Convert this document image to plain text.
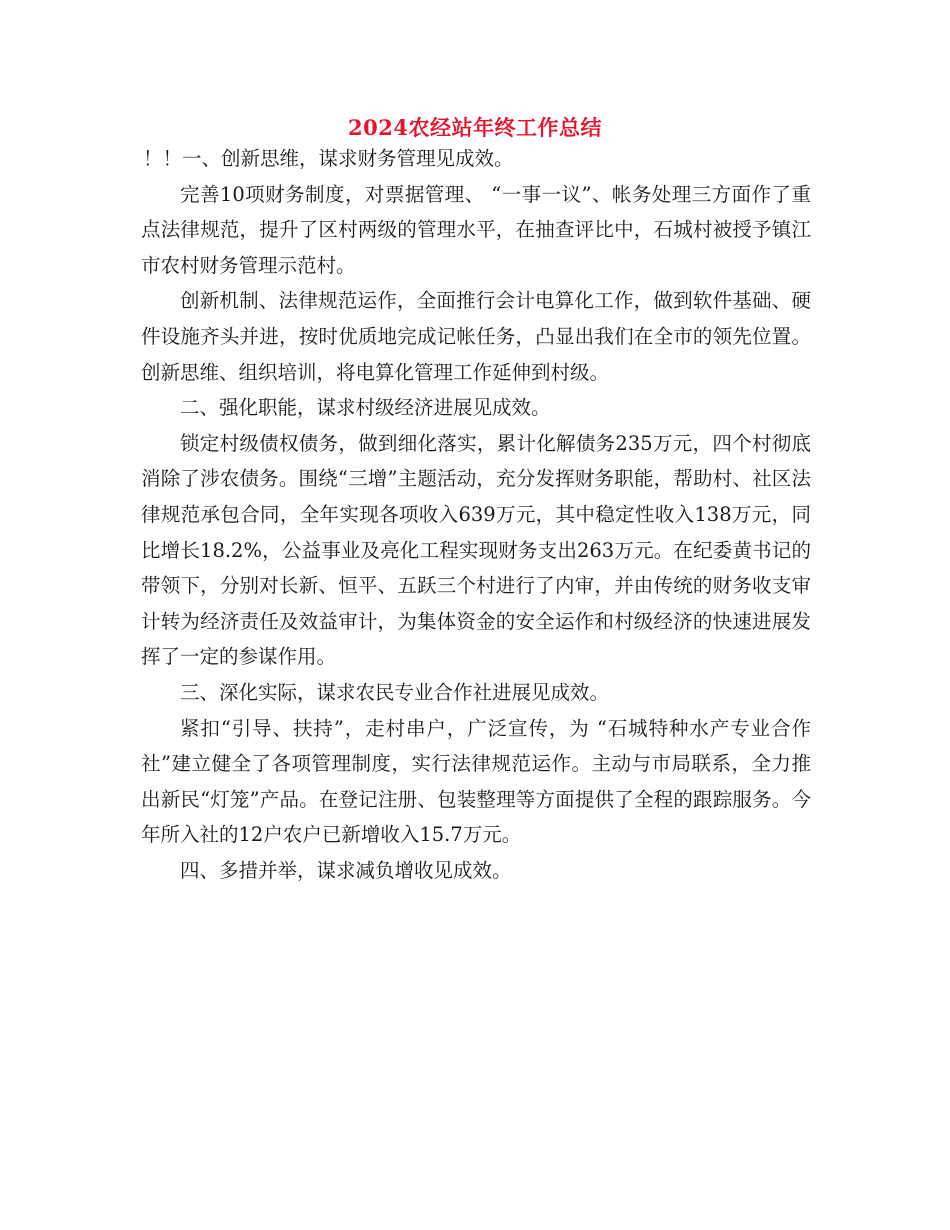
2024农经站年终工作总结

！！一、创新思维，谋求财务管理见成效。

完善10项财务制度，对票据管理、 “一事一议”、帐务处理三方面作了重点法律规范，提升了区村两级的管理水平，在抽查评比中，石城村被授予镇江市农村财务管理示范村。

创新机制、法律规范运作，全面推行会计电算化工作，做到软件基础、硬件设施齐头并进，按时优质地完成记帐任务，凸显出我们在全市的领先位置。创新思维、组织培训，将电算化管理工作延伸到村级。

二、强化职能，谋求村级经济进展见成效。

锁定村级债权债务，做到细化落实，累计化解债务235万元，四个村彻底消除了涉农债务。围绕“三增”主题活动，充分发挥财务职能，帮助村、社区法律规范承包合同，全年实现各项收入639万元，其中稳定性收入138万元，同比增长18.2%，公益事业及亮化工程实现财务支出263万元。在纪委黄书记的带领下，分别对长新、恒平、五跃三个村进行了内审，并由传统的财务收支审计转为经济责任及效益审计，为集体资金的安全运作和村级经济的快速进展发挥了一定的参谋作用。

三、深化实际，谋求农民专业合作社进展见成效。

紧扣“引导、扶持”，走村串户，广泛宣传，为 “石城特种水产专业合作社”建立健全了各项管理制度，实行法律规范运作。主动与市局联系，全力推出新民“灯笼”产品。在登记注册、包装整理等方面提供了全程的跟踪服务。今年所入社的12户农户已新增收入15.7万元。

四、多措并举，谋求减负增收见成效。
